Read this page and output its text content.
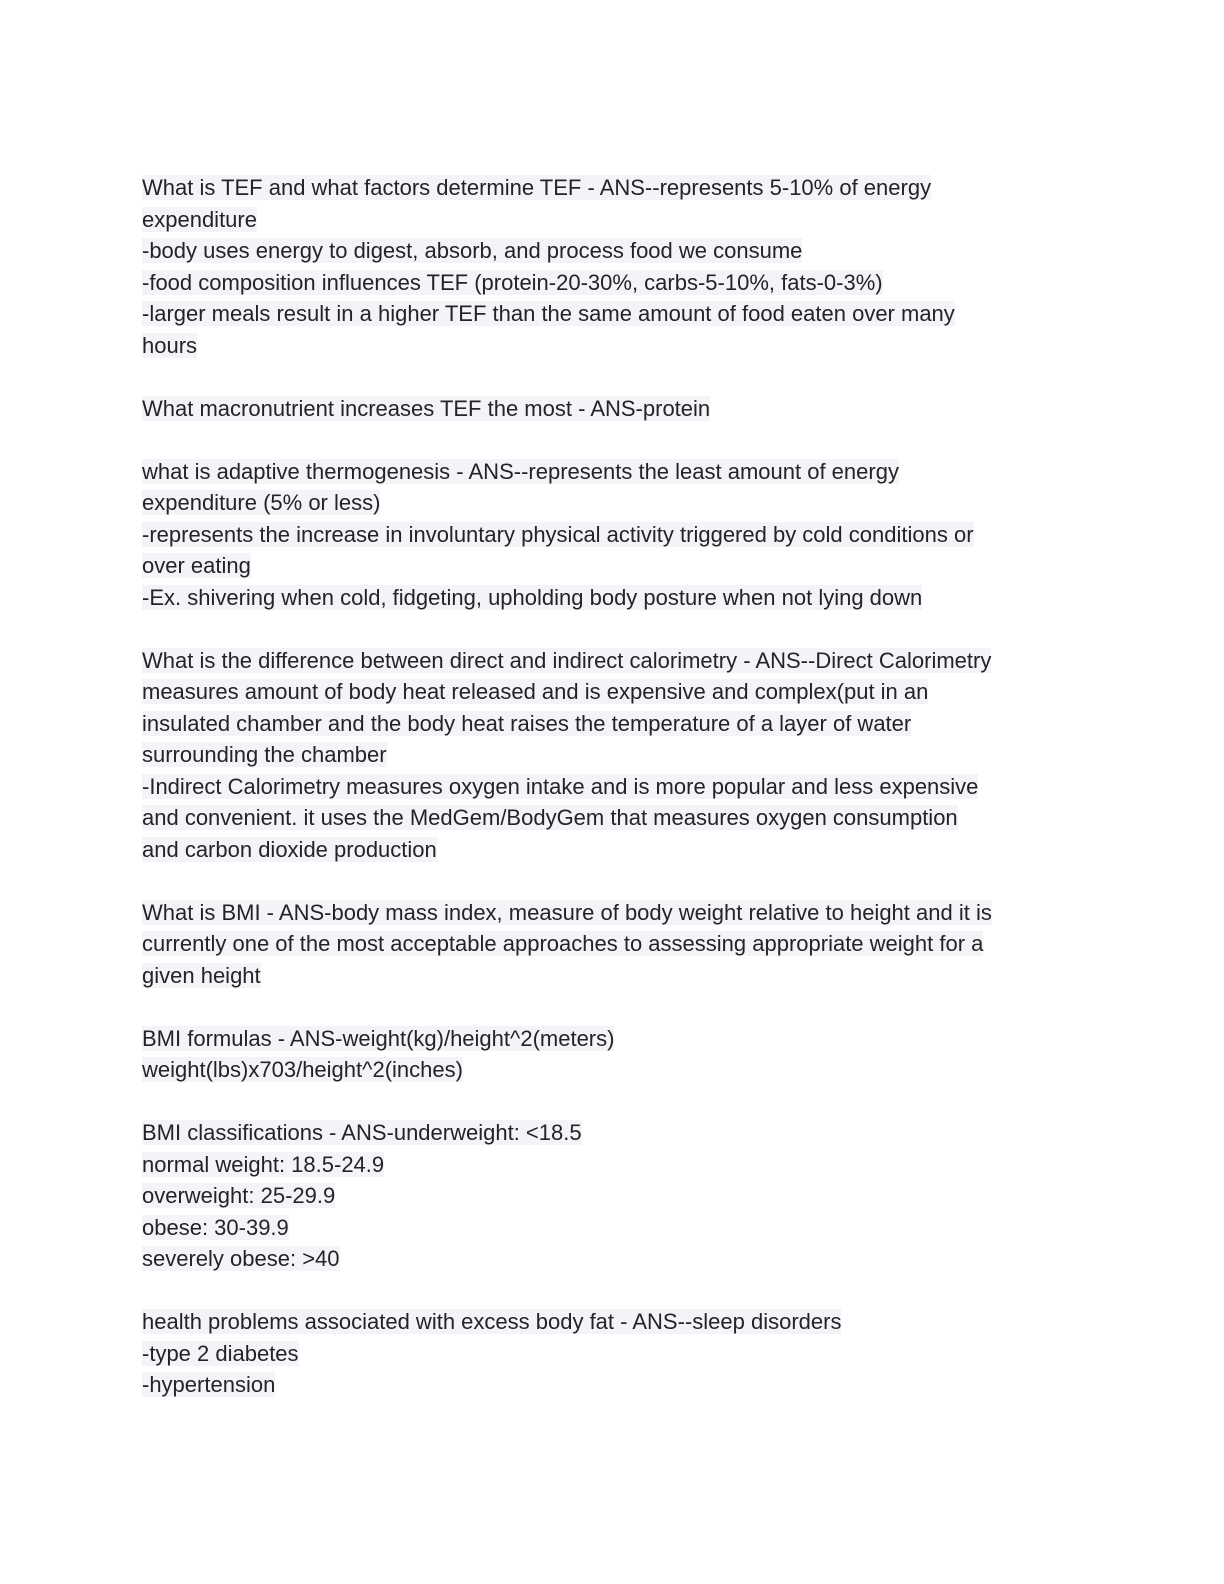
What is TEF and what factors determine TEF - ANS--represents 5-10% of energy
expenditure
-body uses energy to digest, absorb, and process food we consume
-food composition influences TEF (protein-20-30%, carbs-5-10%, fats-0-3%)
-larger meals result in a higher TEF than the same amount of food eaten over many
hours
What macronutrient increases TEF the most - ANS-protein
what is adaptive thermogenesis - ANS--represents the least amount of energy
expenditure (5% or less)
-represents the increase in involuntary physical activity triggered by cold conditions or
over eating
-Ex. shivering when cold, fidgeting, upholding body posture when not lying down
What is the difference between direct and indirect calorimetry - ANS--Direct Calorimetry
measures amount of body heat released and is expensive and complex(put in an
insulated chamber and the body heat raises the temperature of a layer of water
surrounding the chamber
-Indirect Calorimetry measures oxygen intake and is more popular and less expensive
and convenient. it uses the MedGem/BodyGem that measures oxygen consumption
and carbon dioxide production
What is BMI - ANS-body mass index, measure of body weight relative to height and it is
currently one of the most acceptable approaches to assessing appropriate weight for a
given height
BMI formulas - ANS-weight(kg)/height^2(meters)
weight(lbs)x703/height^2(inches)
BMI classifications - ANS-underweight: <18.5
normal weight: 18.5-24.9
overweight: 25-29.9
obese: 30-39.9
severely obese: >40
health problems associated with excess body fat - ANS--sleep disorders
-type 2 diabetes
-hypertension
